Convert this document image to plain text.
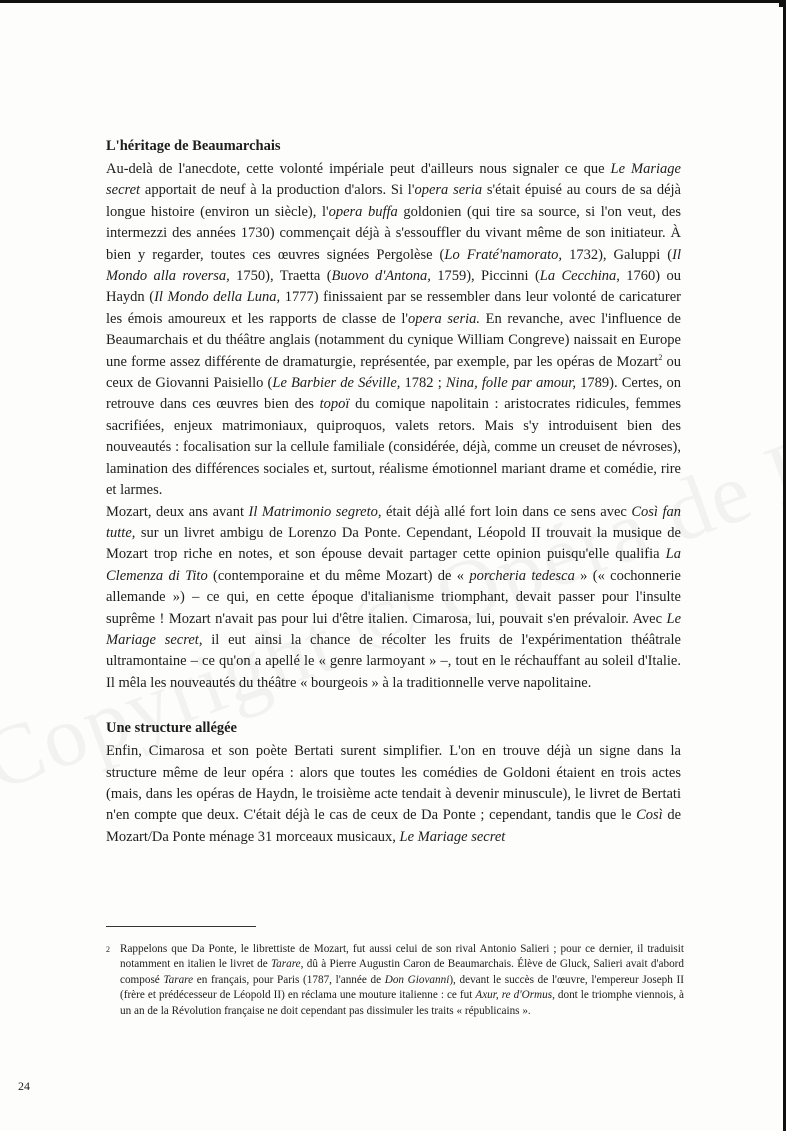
L'héritage de Beaumarchais

Au-delà de l'anecdote, cette volonté impériale peut d'ailleurs nous signaler ce que Le Mariage secret apportait de neuf à la production d'alors. Si l'opera seria s'était épuisé au cours de sa déjà longue histoire (environ un siècle), l'opera buffa goldonien (qui tire sa source, si l'on veut, des intermezzi des années 1730) commençait déjà à s'essouffler du vivant même de son initiateur. À bien y regarder, toutes ces œuvres signées Pergolèse (Lo Fraté'namorato, 1732), Galuppi (Il Mondo alla roversa, 1750), Traetta (Buovo d'Antona, 1759), Piccinni (La Cecchina, 1760) ou Haydn (Il Mondo della Luna, 1777) finissaient par se ressembler dans leur volonté de caricaturer les émois amoureux et les rapports de classe de l'opera seria. En revanche, avec l'influence de Beaumarchais et du théâtre anglais (notamment du cynique William Congreve) naissait en Europe une forme assez différente de dramaturgie, représentée, par exemple, par les opéras de Mozart$^2$ ou ceux de Giovanni Paisiello (Le Barbier de Séville, 1782 ; Nina, folle par amour, 1789). Certes, on retrouve dans ces œuvres bien des topoï du comique napolitain : aristocrates ridicules, femmes sacrifiées, enjeux matrimoniaux, quiproquos, valets retors. Mais s'y introduisent bien des nouveautés : focalisation sur la cellule familiale (considérée, déjà, comme un creuset de névroses), lamination des différences sociales et, surtout, réalisme émotionnel mariant drame et comédie, rire et larmes.

Mozart, deux ans avant Il Matrimonio segreto, était déjà allé fort loin dans ce sens avec Così fan tutte, sur un livret ambigu de Lorenzo Da Ponte. Cependant, Léopold II trouvait la musique de Mozart trop riche en notes, et son épouse devait partager cette opinion puisqu'elle qualifia La Clemenza di Tito (contemporaine et du même Mozart) de « porcheria tedesca » (« cochonnerie allemande ») – ce qui, en cette époque d'italianisme triomphant, devait passer pour l'insulte suprême ! Mozart n'avait pas pour lui d'être italien. Cimarosa, lui, pouvait s'en prévaloir. Avec Le Mariage secret, il eut ainsi la chance de récolter les fruits de l'expérimentation théâtrale ultramontaine – ce qu'on a apellé le « genre larmoyant » –, tout en le réchauffant au soleil d'Italie. Il mêla les nouveautés du théâtre « bourgeois » à la traditionnelle verve napolitaine.

Une structure allégée

Enfin, Cimarosa et son poète Bertati surent simplifier. L'on en trouve déjà un signe dans la structure même de leur opéra : alors que toutes les comédies de Goldoni étaient en trois actes (mais, dans les opéras de Haydn, le troisième acte tendait à devenir minuscule), le livret de Bertati n'en compte que deux. C'était déjà le cas de ceux de Da Ponte ; cependant, tandis que le Così de Mozart/Da Ponte ménage 31 morceaux musicaux, Le Mariage secret

2 Rappelons que Da Ponte, le librettiste de Mozart, fut aussi celui de son rival Antonio Salieri ; pour ce dernier, il traduisit notamment en italien le livret de Tarare, dû à Pierre Augustin Caron de Beaumarchais. Élève de Gluck, Salieri avait d'abord composé Tarare en français, pour Paris (1787, l'année de Don Giovanni), devant le succès de l'œuvre, l'empereur Joseph II (frère et prédécesseur de Léopold II) en réclama une mouture italienne : ce fut Axur, re d'Ormus, dont le triomphe viennois, à un an de la Révolution française ne doit cependant pas dissimuler les traits « républicains ».
24
